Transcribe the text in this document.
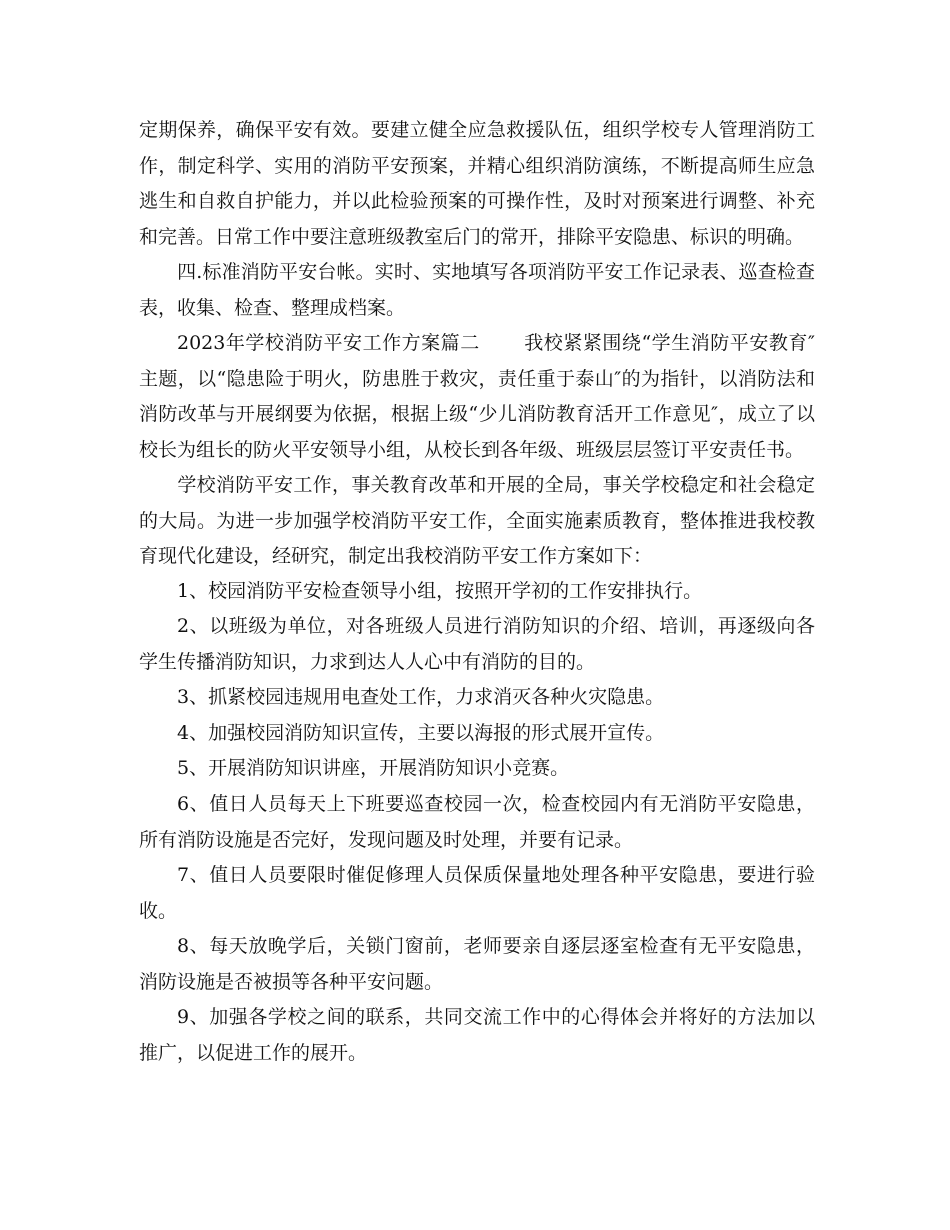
定期保养，确保平安有效。要建立健全应急救援队伍，组织学校专人管理消防工作，制定科学、实用的消防平安预案，并精心组织消防演练，不断提高师生应急逃生和自救自护能力，并以此检验预案的可操作性，及时对预案进行调整、补充和完善。日常工作中要注意班级教室后门的常开，排除平安隐患、标识的明确。

四.标准消防平安台帐。实时、实地填写各项消防平安工作记录表、巡查检查表，收集、检查、整理成档案。

2023年学校消防平安工作方案篇二 我校紧紧围绕“学生消防平安教育″主题，以“隐患险于明火，防患胜于救灾，责任重于泰山″的为指针，以消防法和消防改革与开展纲要为依据，根据上级“少儿消防教育活开工作意见″，成立了以校长为组长的防火平安领导小组，从校长到各年级、班级层层签订平安责任书。

学校消防平安工作，事关教育改革和开展的全局，事关学校稳定和社会稳定的大局。为进一步加强学校消防平安工作，全面实施素质教育，整体推进我校教育现代化建设，经研究，制定出我校消防平安工作方案如下：

1、校园消防平安检查领导小组，按照开学初的工作安排执行。

2、以班级为单位，对各班级人员进行消防知识的介绍、培训，再逐级向各学生传播消防知识，力求到达人人心中有消防的目的。

3、抓紧校园违规用电查处工作，力求消灭各种火灾隐患。

4、加强校园消防知识宣传，主要以海报的形式展开宣传。

5、开展消防知识讲座，开展消防知识小竞赛。

6、值日人员每天上下班要巡查校园一次，检查校园内有无消防平安隐患，所有消防设施是否完好，发现问题及时处理，并要有记录。

7、值日人员要限时催促修理人员保质保量地处理各种平安隐患，要进行验收。

8、每天放晚学后，关锁门窗前，老师要亲自逐层逐室检查有无平安隐患，消防设施是否被损等各种平安问题。

9、加强各学校之间的联系，共同交流工作中的心得体会并将好的方法加以推广，以促进工作的展开。
